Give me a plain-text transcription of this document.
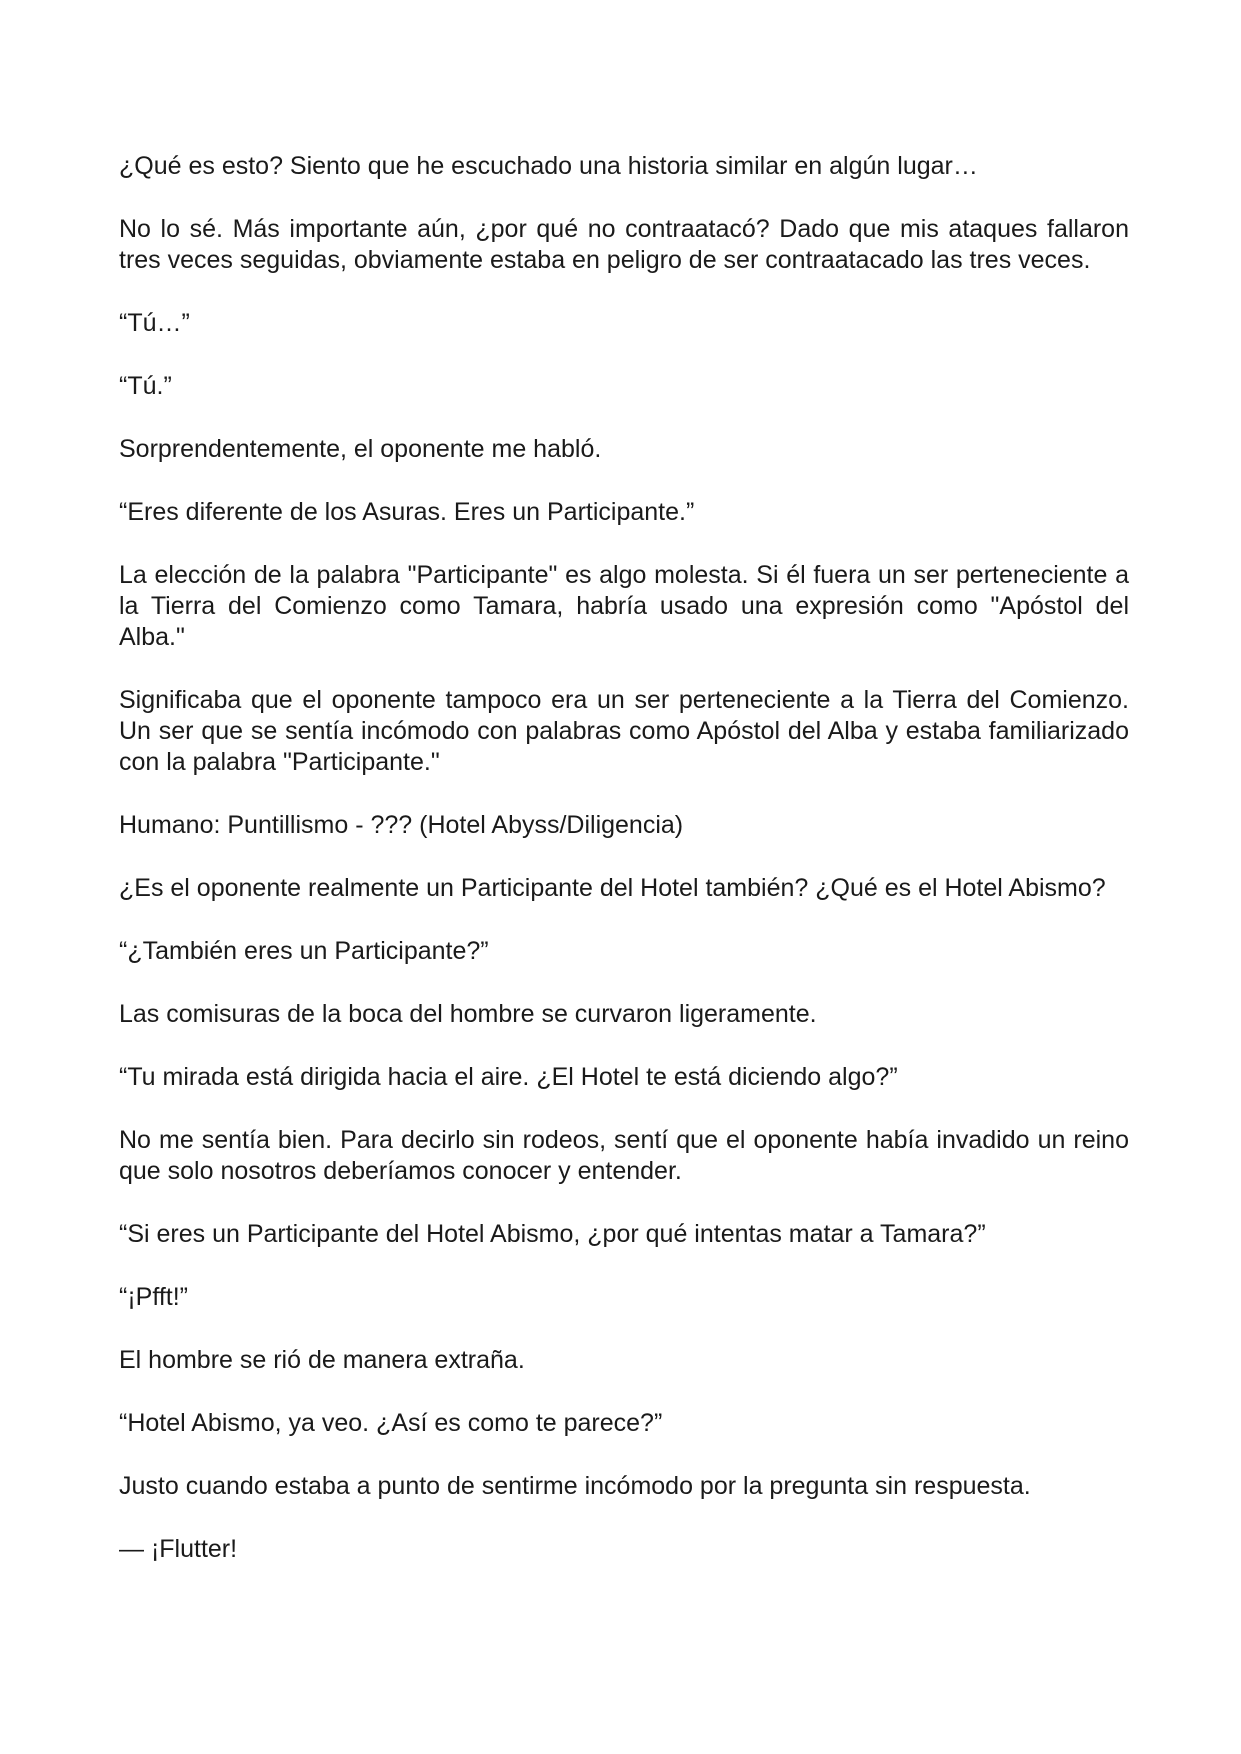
¿Qué es esto? Siento que he escuchado una historia similar en algún lugar…

No lo sé. Más importante aún, ¿por qué no contraatacó? Dado que mis ataques fallaron tres veces seguidas, obviamente estaba en peligro de ser contraatacado las tres veces.

“Tú…”

“Tú.”

Sorprendentemente, el oponente me habló.

“Eres diferente de los Asuras. Eres un Participante.”

La elección de la palabra "Participante" es algo molesta. Si él fuera un ser perteneciente a la Tierra del Comienzo como Tamara, habría usado una expresión como "Apóstol del Alba."

Significaba que el oponente tampoco era un ser perteneciente a la Tierra del Comienzo. Un ser que se sentía incómodo con palabras como Apóstol del Alba y estaba familiarizado con la palabra "Participante."

Humano: Puntillismo - ??? (Hotel Abyss/Diligencia)

¿Es el oponente realmente un Participante del Hotel también? ¿Qué es el Hotel Abismo?

“¿También eres un Participante?”

Las comisuras de la boca del hombre se curvaron ligeramente.

“Tu mirada está dirigida hacia el aire. ¿El Hotel te está diciendo algo?”

No me sentía bien. Para decirlo sin rodeos, sentí que el oponente había invadido un reino que solo nosotros deberíamos conocer y entender.

“Si eres un Participante del Hotel Abismo, ¿por qué intentas matar a Tamara?”

“¡Pfft!”

El hombre se rió de manera extraña.

“Hotel Abismo, ya veo. ¿Así es como te parece?”

Justo cuando estaba a punto de sentirme incómodo por la pregunta sin respuesta.

— ¡Flutter!
